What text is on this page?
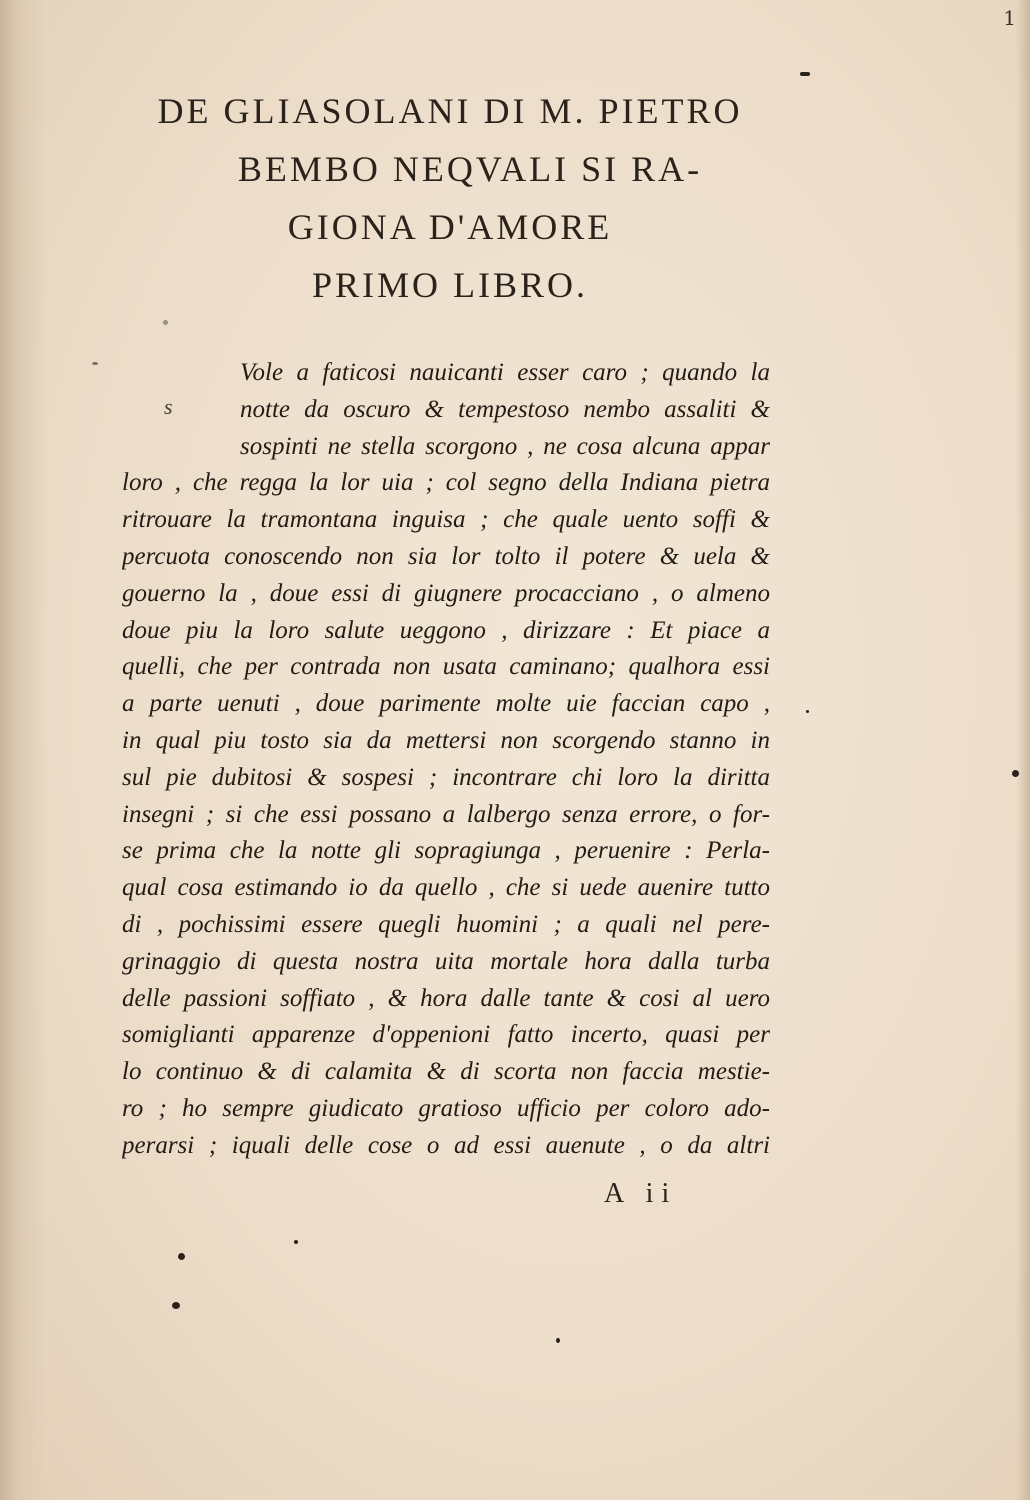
1
DE GLIASOLANI DI M. PIETRO
BEMBO NEQVALI SI RA-
GIONA D'AMORE
PRIMO LIBRO.
s
Vole a faticosi nauicanti esser caro ; quando la
notte da oscuro & tempestoso nembo assaliti &
sospinti ne stella scorgono , ne cosa alcuna appar
loro , che regga la lor uia ; col segno della Indiana pietra
ritrouare la tramontana inguisa ; che quale uento soffi &
percuota conoscendo non sia lor tolto il potere & uela &
gouerno la , doue essi di giugnere procacciano , o almeno
doue piu la loro salute ueggono , dirizzare : Et piace a
quelli, che per contrada non usata caminano; qualhora essi
a parte uenuti , doue parimente molte uie faccian capo ,
in qual piu tosto sia da mettersi non scorgendo stanno in
sul pie dubitosi & sospesi ; incontrare chi loro la diritta
insegni ; si che essi possano a lalbergo senza errore, o for-
se prima che la notte gli sopragiunga , peruenire : Perla-
qual cosa estimando io da quello , che si uede auenire tutto
di , pochissimi essere quegli huomini ; a quali nel pere-
grinaggio di questa nostra uita mortale hora dalla turba
delle passioni soffiato , & hora dalle tante & cosi al uero
somiglianti apparenze d'oppenioni fatto incerto, quasi per
lo continuo & di calamita & di scorta non faccia mestie-
ro ; ho sempre giudicato gratioso ufficio per coloro ado-
perarsi ; iquali delle cose o ad essi auenute , o da altri
A ii
